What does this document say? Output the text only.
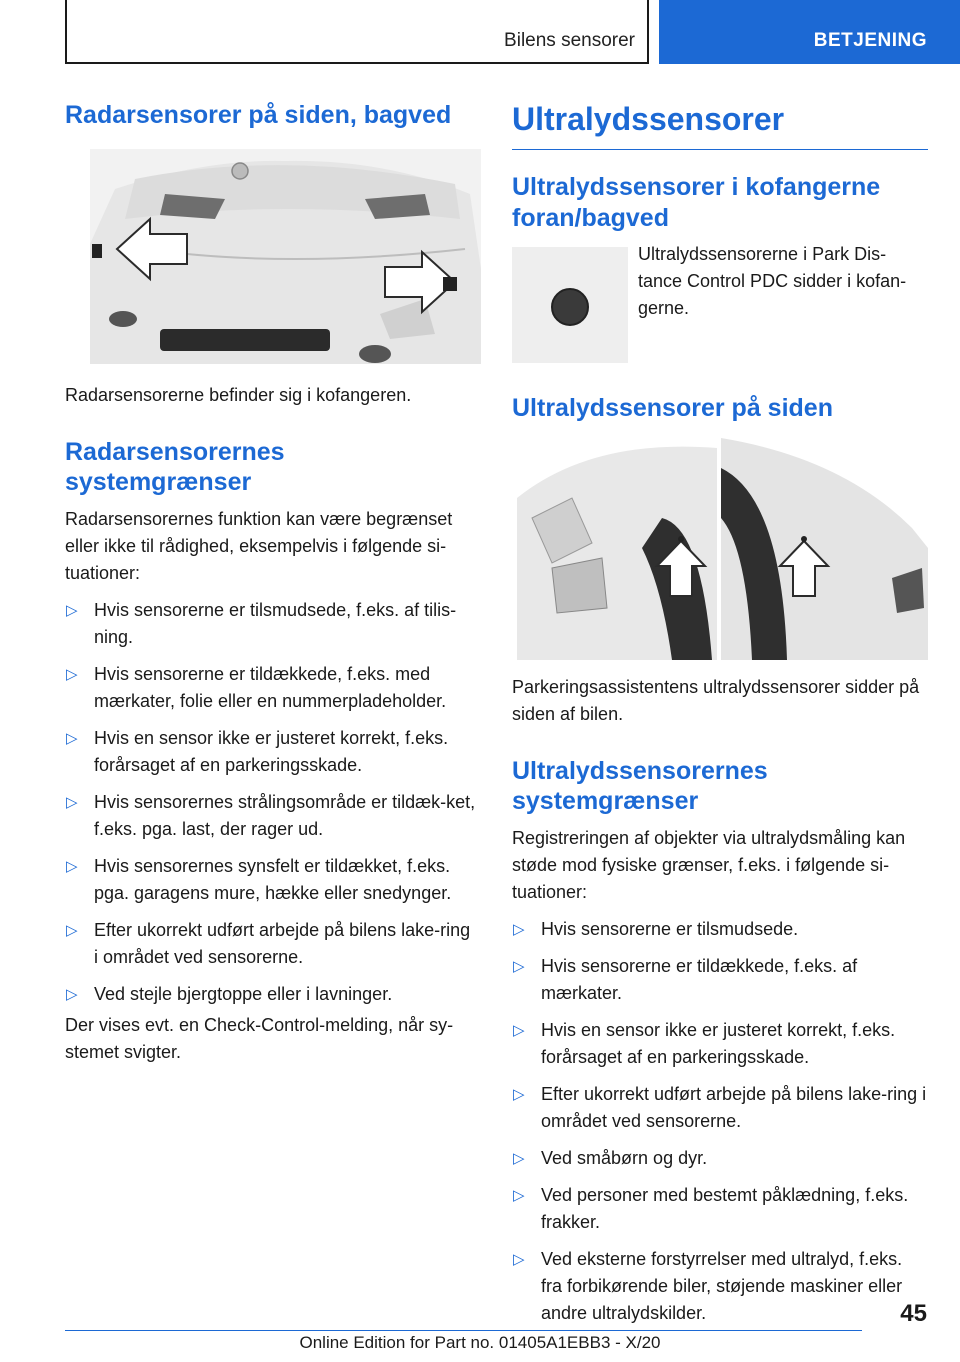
Bilens sensorer	BETJENING
Radarsensorer på siden, bagved

Radarsensorerne befinder sig i kofangeren.

Radarsensorernes systemgrænser

Radarsensorernes funktion kan være begrænset eller ikke til rådighed, eksempelvis i følgende si‐tuationer:

▷ Hvis sensorerne er tilsmudsede, f.eks. af tilis‐ning.
▷ Hvis sensorerne er tildækkede, f.eks. med mærkater, folie eller en nummerpladeholder.
▷ Hvis en sensor ikke er justeret korrekt, f.eks. forårsaget af en parkeringsskade.
▷ Hvis sensorernes strålingsområde er tildæk‐ket, f.eks. pga. last, der rager ud.
▷ Hvis sensorernes synsfelt er tildækket, f.eks. pga. garagens mure, hække eller snedynger.
▷ Efter ukorrekt udført arbejde på bilens lake‐ring i området ved sensorerne.
▷ Ved stejle bjergtoppe eller i lavninger.

Der vises evt. en Check-Control-melding, når sy‐stemet svigter.

Ultralydssensorer
Ultralydssensorer i kofangerne foran/bagved

Ultralydssensorerne i Park Dis‐tance Control PDC sidder i kofan‐gerne.

Ultralydssensorer på siden

Parkeringsassistentens ultralydssensorer sidder på siden af bilen.

Ultralydssensorernes systemgrænser

Registreringen af objekter via ultralydsmåling kan støde mod fysiske grænser, f.eks. i følgende si‐tuationer:

▷ Hvis sensorerne er tilsmudsede.
▷ Hvis sensorerne er tildækkede, f.eks. af mærkater.
▷ Hvis en sensor ikke er justeret korrekt, f.eks. forårsaget af en parkeringsskade.
▷ Efter ukorrekt udført arbejde på bilens lake‐ring i området ved sensorerne.
▷ Ved småbørn og dyr.
▷ Ved personer med bestemt påklædning, f.eks. frakker.
▷ Ved eksterne forstyrrelser med ultralyd, f.eks. fra forbikørende biler, støjende maskiner eller andre ultralydskilder.	45
Online Edition for Part no. 01405A1EBB3 - X/20
